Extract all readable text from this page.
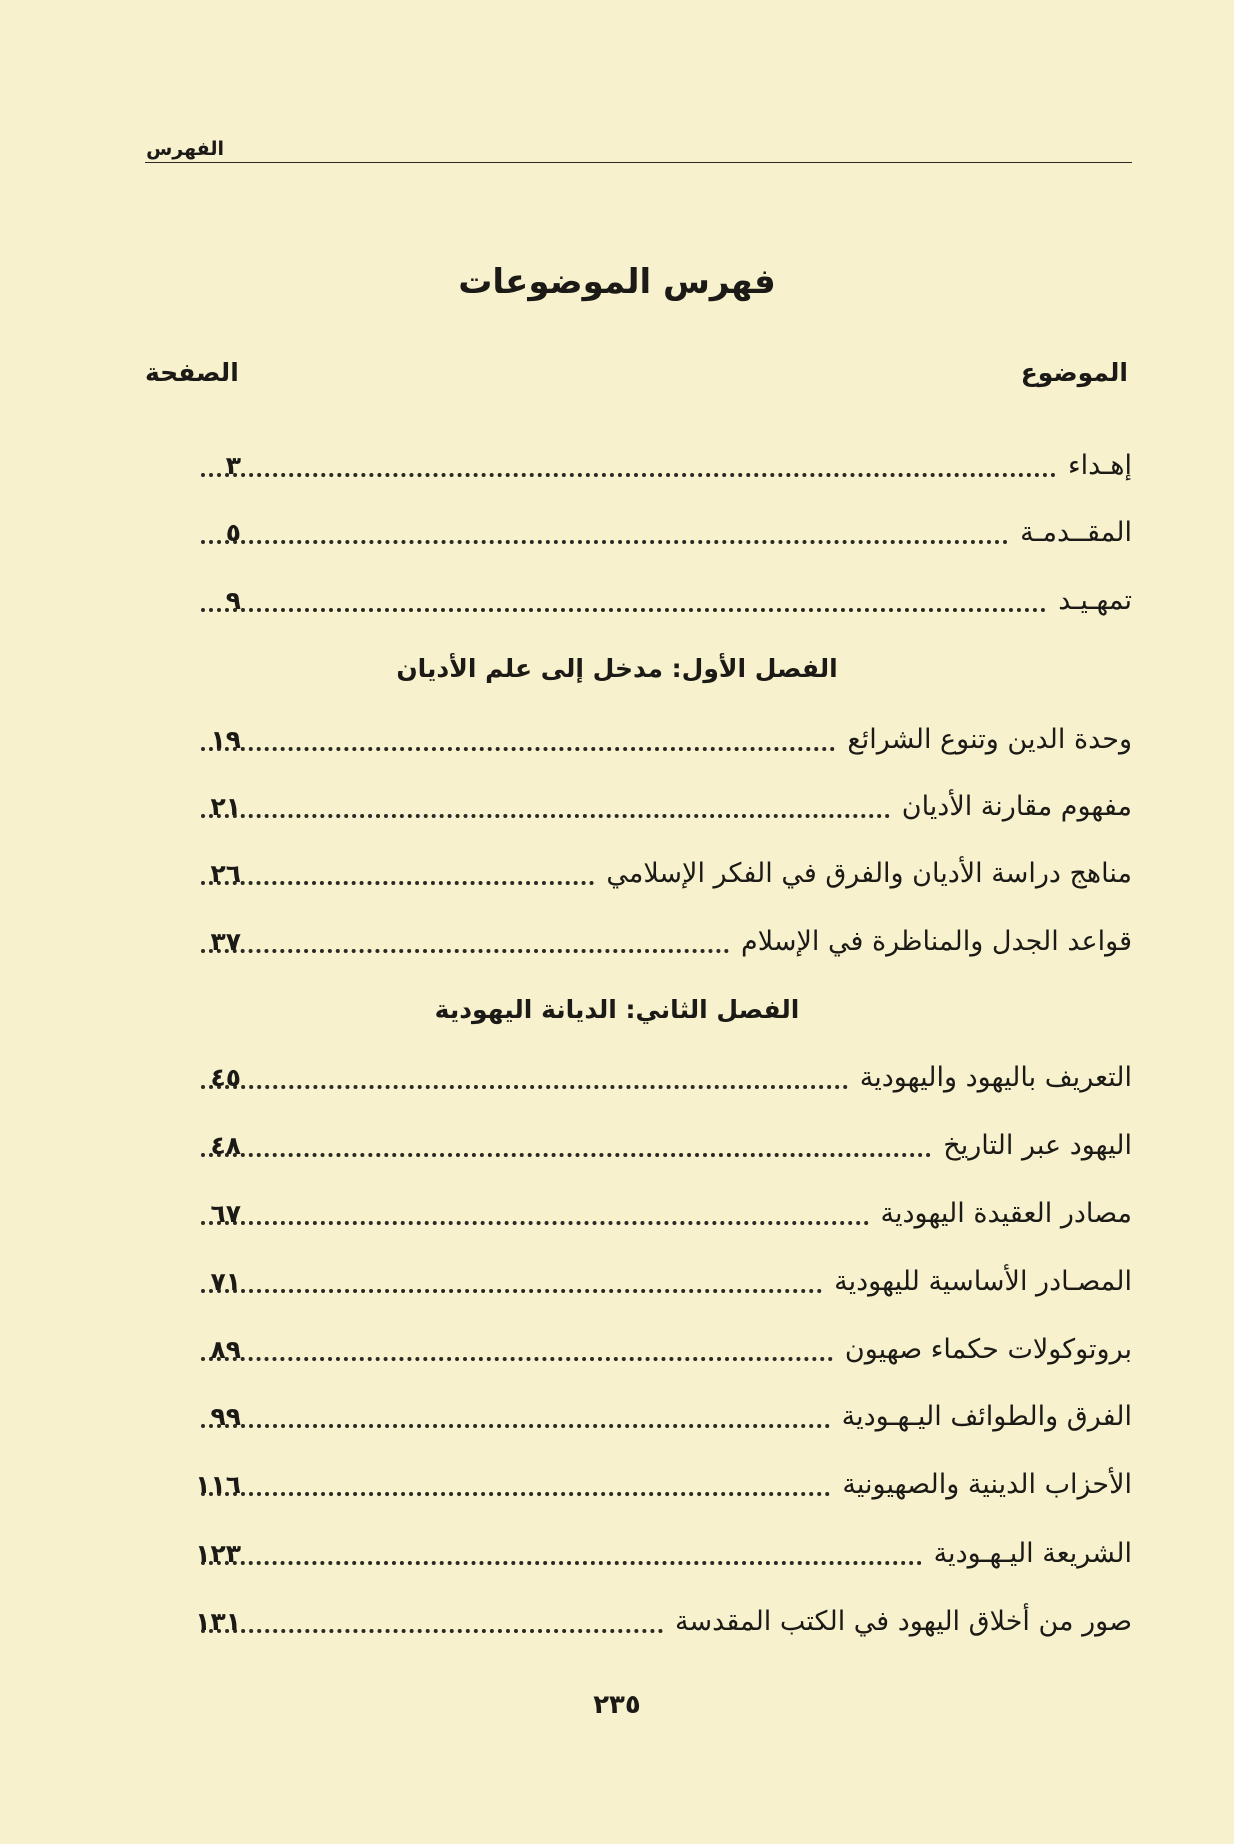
الفهرس
فهرس الموضوعات
الموضوع
الصفحة
إهـداء
٣
المقــدمـة
٥
تمهـيـد
٩
الفصل الأول: مدخل إلى علم الأديان
وحدة الدين وتنوع الشرائع
١٩
مفهوم مقارنة الأديان
٢١
مناهج دراسة الأديان والفرق في الفكر الإسلامي
٢٦
قواعد الجدل والمناظرة في الإسلام
٣٧
الفصل الثاني: الديانة اليهودية
التعريف باليهود واليهودية
٤٥
اليهود عبر التاريخ
٤٨
مصادر العقيدة اليهودية
٦٧
المصـادر الأساسية لليهودية
٧١
بروتوكولات حكماء صهيون
٨٩
الفرق والطوائف اليـهـودية
٩٩
الأحزاب الدينية والصهيونية
١١٦
الشريعة اليـهـودية
١٢٣
صور من أخلاق اليهود في الكتب المقدسة
١٣١
٢٣٥
